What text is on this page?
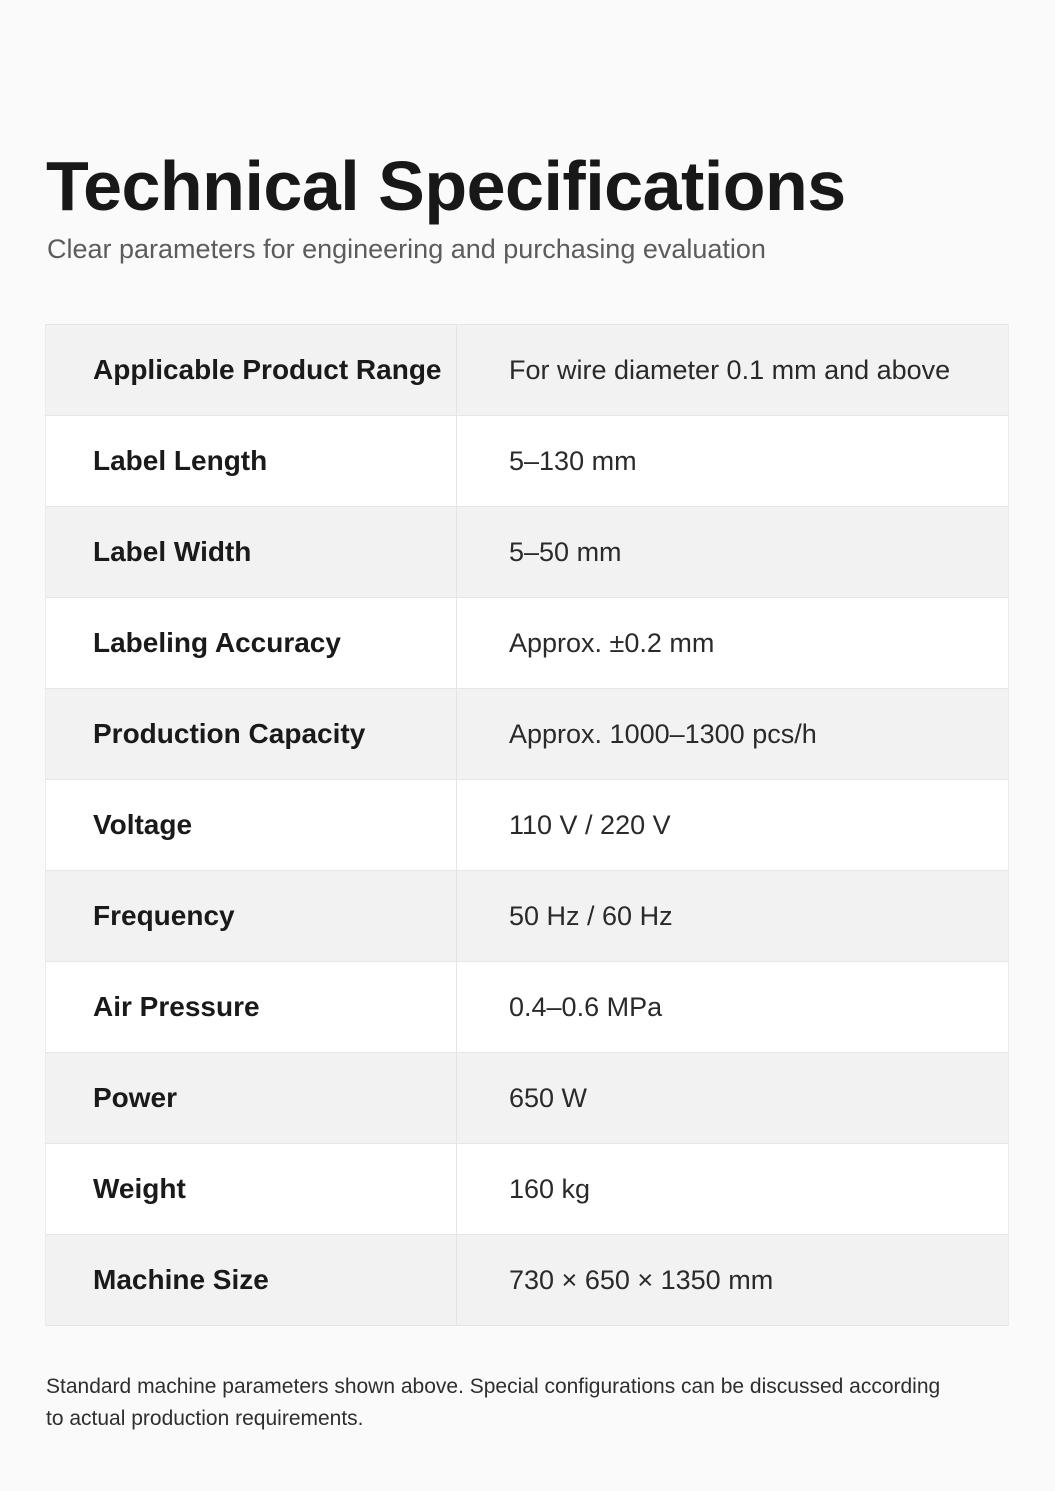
Technical Specifications

Clear parameters for engineering and purchasing evaluation

Applicable Product Range	For wire diameter 0.1 mm and above
Label Length	5–130 mm
Label Width	5–50 mm
Labeling Accuracy	Approx. ±0.2 mm
Production Capacity	Approx. 1000–1300 pcs/h
Voltage	110 V / 220 V
Frequency	50 Hz / 60 Hz
Air Pressure	0.4–0.6 MPa
Power	650 W
Weight	160 kg
Machine Size	730 × 650 × 1350 mm

Standard machine parameters shown above. Special configurations can be discussed according to actual production requirements.
